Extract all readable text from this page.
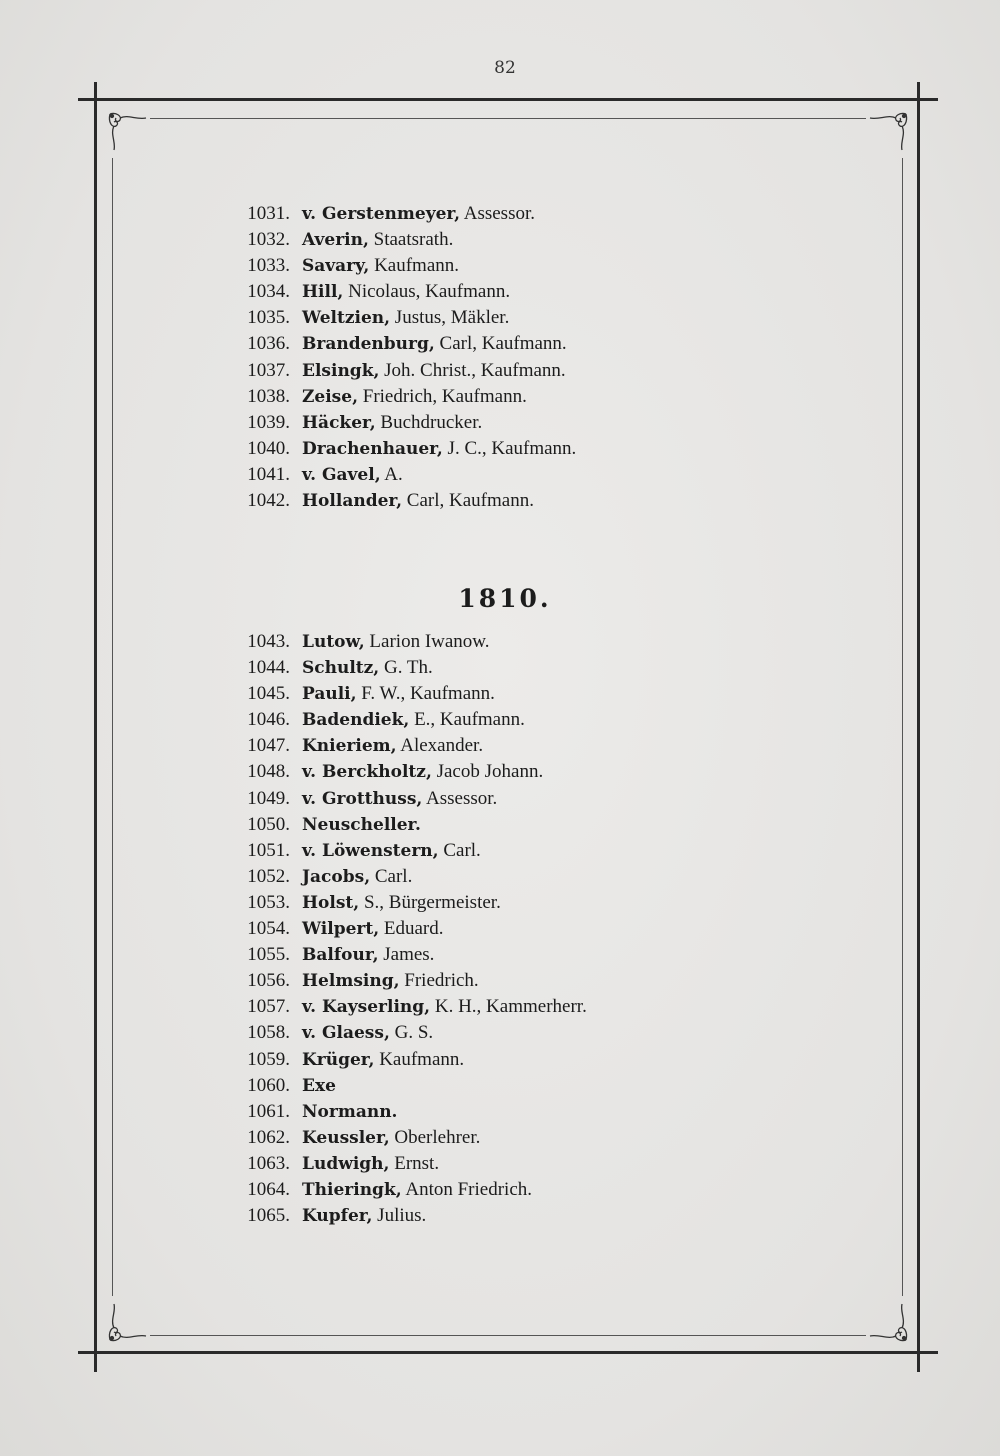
82
1031. v. Gerstenmeyer, Assessor.
1032. Averin, Staatsrath.
1033. Savary, Kaufmann.
1034. Hill, Nicolaus, Kaufmann.
1035. Weltzien, Justus, Mäkler.
1036. Brandenburg, Carl, Kaufmann.
1037. Elsingk, Joh. Christ., Kaufmann.
1038. Zeise, Friedrich, Kaufmann.
1039. Häcker, Buchdrucker.
1040. Drachenhauer, J. C., Kaufmann.
1041. v. Gavel, A.
1042. Hollander, Carl, Kaufmann.
1810.
1043. Lutow, Larion Iwanow.
1044. Schultz, G. Th.
1045. Pauli, F. W., Kaufmann.
1046. Badendiek, E., Kaufmann.
1047. Knieriem, Alexander.
1048. v. Berckholtz, Jacob Johann.
1049. v. Grotthuss, Assessor.
1050. Neuscheller.
1051. v. Löwenstern, Carl.
1052. Jacobs, Carl.
1053. Holst, S., Bürgermeister.
1054. Wilpert, Eduard.
1055. Balfour, James.
1056. Helmsing, Friedrich.
1057. v. Kayserling, K. H., Kammerherr.
1058. v. Glaess, G. S.
1059. Krüger, Kaufmann.
1060. Exe
1061. Normann.
1062. Keussler, Oberlehrer.
1063. Ludwigh, Ernst.
1064. Thieringk, Anton Friedrich.
1065. Kupfer, Julius.
